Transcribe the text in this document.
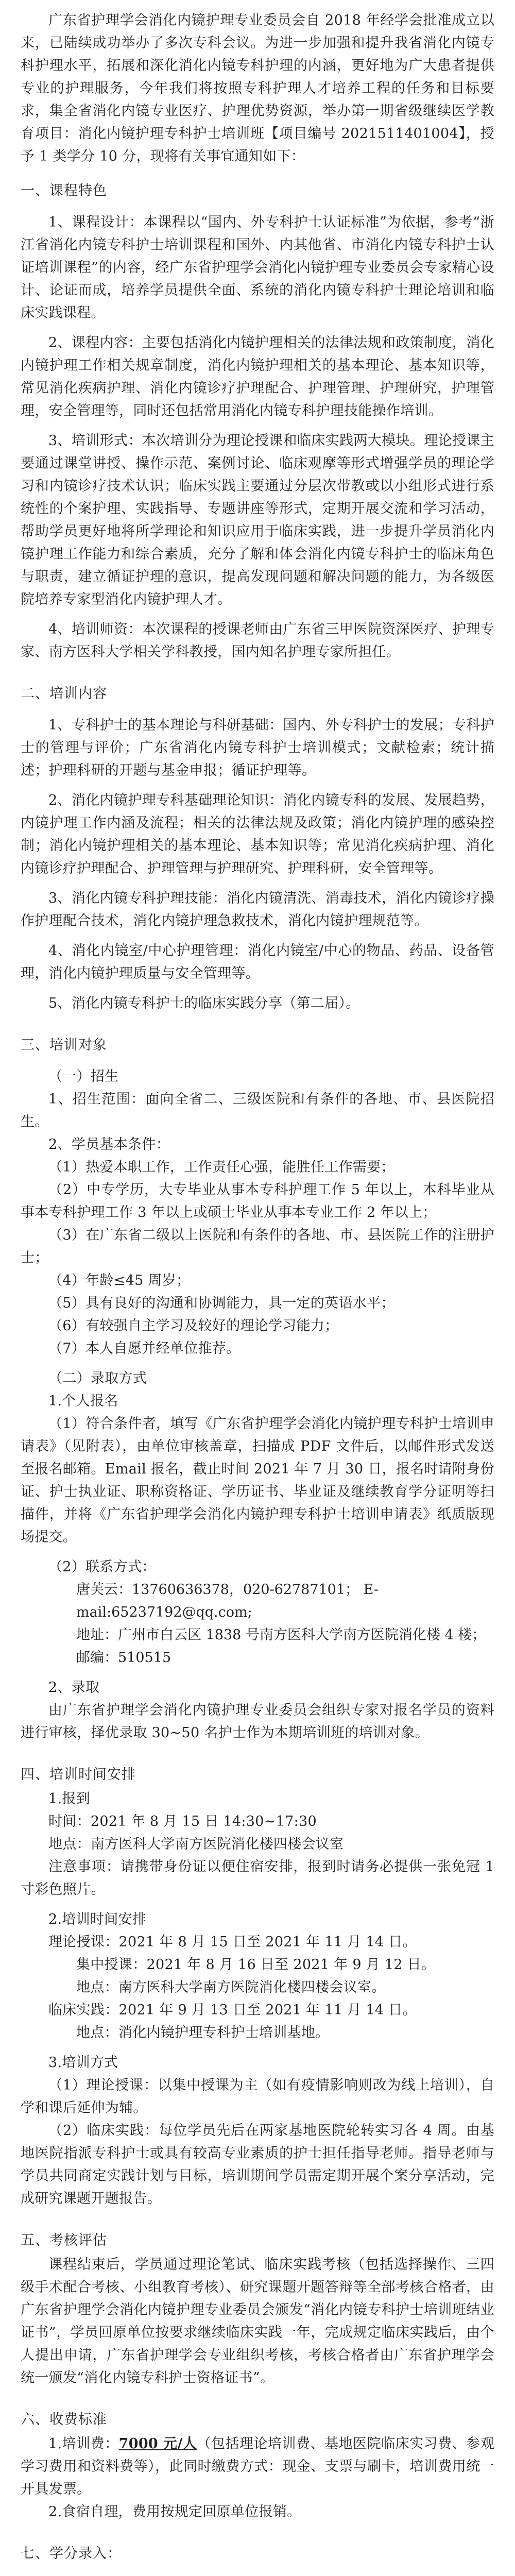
广东省护理学会消化内镜护理专业委员会自 2018 年经学会批准成立以来，已陆续成功举办了多次专科会议。为进一步加强和提升我省消化内镜专科护理水平，拓展和深化消化内镜专科护理的内涵，更好地为广大患者提供专业的护理服务，今年我们将按照专科护理人才培养工程的任务和目标要求，集全省消化内镜专业医疗、护理优势资源，举办第一期省级继续医学教育项目：消化内镜护理专科护士培训班【项目编号 2021511401004】，授予 1 类学分 10 分，现将有关事宜通知如下：

一、课程特色

1、课程设计：本课程以“国内、外专科护士认证标准”为依据，参考“浙江省消化内镜专科护士培训课程和国外、内其他省、市消化内镜专科护士认证培训课程”的内容，经广东省护理学会消化内镜护理专业委员会专家精心设计、论证而成，培养学员提供全面、系统的消化内镜专科护士理论培训和临床实践课程。

2、课程内容：主要包括消化内镜护理相关的法律法规和政策制度，消化内镜护理工作相关规章制度，消化内镜护理相关的基本理论、基本知识等，常见消化疾病护理、消化内镜诊疗护理配合、护理管理、护理研究，护理管理，安全管理等，同时还包括常用消化内镜专科护理技能操作培训。

3、培训形式：本次培训分为理论授课和临床实践两大模块。理论授课主要通过课堂讲授、操作示范、案例讨论、临床观摩等形式增强学员的理论学习和内镜诊疗技术认识；临床实践主要通过分层次带教或以小组形式进行系统性的个案护理、实践指导、专题讲座等形式，定期开展交流和学习活动，帮助学员更好地将所学理论和知识应用于临床实践，进一步提升学员消化内镜护理工作能力和综合素质，充分了解和体会消化内镜专科护士的临床角色与职责，建立循证护理的意识，提高发现问题和解决问题的能力，为各级医院培养专家型消化内镜护理人才。

4、培训师资：本次课程的授课老师由广东省三甲医院资深医疗、护理专家、南方医科大学相关学科教授，国内知名护理专家所担任。

二、培训内容

1、专科护士的基本理论与科研基础：国内、外专科护士的发展；专科护士的管理与评价；广东省消化内镜专科护士培训模式；文献检索；统计描述；护理科研的开题与基金申报；循证护理等。

2、消化内镜护理专科基础理论知识：消化内镜专科的发展、发展趋势，内镜护理工作内涵及流程；相关的法律法规及政策；消化内镜护理的感染控制；消化内镜护理相关的基本理论、基本知识等；常见消化疾病护理、消化内镜诊疗护理配合、护理管理与护理研究、护理科研，安全管理等。

3、消化内镜专科护理技能：消化内镜清洗、消毒技术，消化内镜诊疗操作护理配合技术，消化内镜护理急救技术，消化内镜护理规范等。

4、消化内镜室/中心护理管理：消化内镜室/中心的物品、药品、设备管理，消化内镜护理质量与安全管理等。

5、消化内镜专科护士的临床实践分享（第二届）。

三、培训对象

（一）招生

1、招生范围：面向全省二、三级医院和有条件的各地、市、县医院招生。

2、学员基本条件：

（1）热爱本职工作，工作责任心强，能胜任工作需要；

（2）中专学历，大专毕业从事本专科护理工作 5 年以上，本科毕业从事本专科护理工作 3 年以上或硕士毕业从事本专业工作 2 年以上；

（3）在广东省二级以上医院和有条件的各地、市、县医院工作的注册护士；

（4）年龄≤45 周岁；

（5）具有良好的沟通和协调能力，具一定的英语水平；

（6）有较强自主学习及较好的理论学习能力；

（7）本人自愿并经单位推荐。

（二）录取方式

1.个人报名

（1）符合条件者，填写《广东省护理学会消化内镜护理专科护士培训申请表》（见附表），由单位审核盖章，扫描成 PDF 文件后，以邮件形式发送至报名邮箱。Email 报名，截止时间 2021 年 7 月 30 日，报名时请附身份证、护士执业证、职称资格证、学历证书、毕业证及继续教育学分证明等扫描件，并将《广东省护理学会消化内镜护理专科护士培训申请表》纸质版现场提交。

（2）联系方式：

唐芙云：13760636378，020-62787101； E-mail:65237192@qq.com;
地址：广州市白云区 1838 号南方医科大学南方医院消化楼 4 楼；
邮编：510515

2、录取

由广东省护理学会消化内镜护理专业委员会组织专家对报名学员的资料进行审核，择优录取 30~50 名护士作为本期培训班的培训对象。

四、培训时间安排

1.报到

时间：2021 年 8 月 15 日 14:30~17:30

地点：南方医科大学南方医院消化楼四楼会议室

注意事项：请携带身份证以便住宿安排，报到时请务必提供一张免冠 1 寸彩色照片。

2.培训时间安排

理论授课：2021 年 8 月 15 日至 2021 年 11 月 14 日。

集中授课：2021 年 8 月 16 日至 2021 年 9 月 12 日。

地点：南方医科大学南方医院消化楼四楼会议室。

临床实践：2021 年 9 月 13 日至 2021 年 11 月 14 日。

地点：消化内镜护理专科护士培训基地。

3.培训方式

（1）理论授课：以集中授课为主（如有疫情影响则改为线上培训），自学和课后延伸为辅。

（2）临床实践：每位学员先后在两家基地医院轮转实习各 4 周。由基地医院指派专科护士或具有较高专业素质的护士担任指导老师。指导老师与学员共同商定实践计划与目标，培训期间学员需定期开展个案分享活动，完成研究课题开题报告。

五、考核评估

课程结束后，学员通过理论笔试、临床实践考核（包括选择操作、三四级手术配合考核、小组教育考核）、研究课题开题答辩等全部考核合格者，由广东省护理学会消化内镜护理专业委员会颁发“消化内镜专科护士培训班结业证书”，学员回原单位按要求继续临床实践一年，完成规定临床实践后，由个人提出申请，广东省护理学会专业组织考核，考核合格者由广东省护理学会统一颁发“消化内镜专科护士资格证书”。

六、收费标准

1.培训费：7000 元/人（包括理论培训费、基地医院临床实习费、参观学习费用和资料费等），此同时缴费方式：现金、支票与刷卡，培训费用统一开具发票。

2.食宿自理，费用按规定回原单位报销。

七、学分录入：
